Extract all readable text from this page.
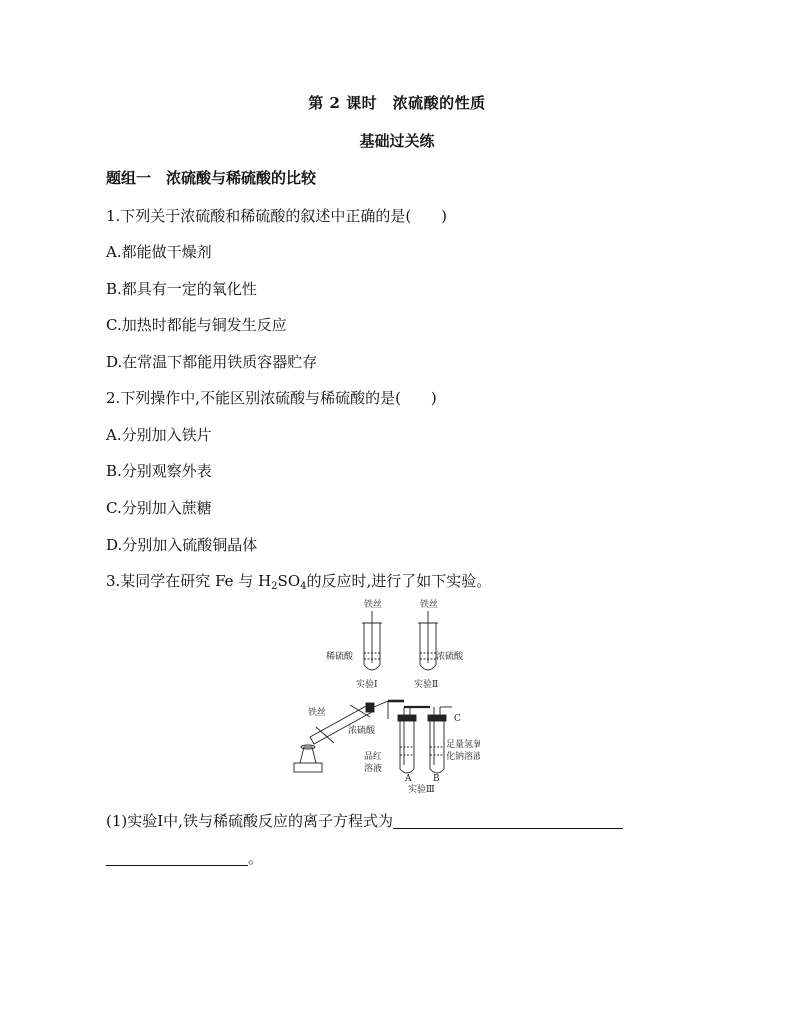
第 2 课时　浓硫酸的性质
基础过关练
题组一　浓硫酸与稀硫酸的比较
1.下列关于浓硫酸和稀硫酸的叙述中正确的是(　　)
A.都能做干燥剂
B.都具有一定的氧化性
C.加热时都能与铜发生反应
D.在常温下都能用铁质容器贮存
2.下列操作中,不能区别浓硫酸与稀硫酸的是(　　)
A.分别加入铁片
B.分别观察外表
C.分别加入蔗糖
D.分别加入硫酸铜晶体
3.某同学在研究 Fe 与 $H_2SO_4$的反应时,进行了如下实验。
铁丝	铁丝
稀硫酸	浓硫酸
实验Ⅰ	实验Ⅱ
铁丝
浓硫酸
C
品红
溶液
A
足量氢氧
化钠溶液
B
实验Ⅲ
(1)实验Ⅰ中,铁与稀硫酸反应的离子方程式为
。
